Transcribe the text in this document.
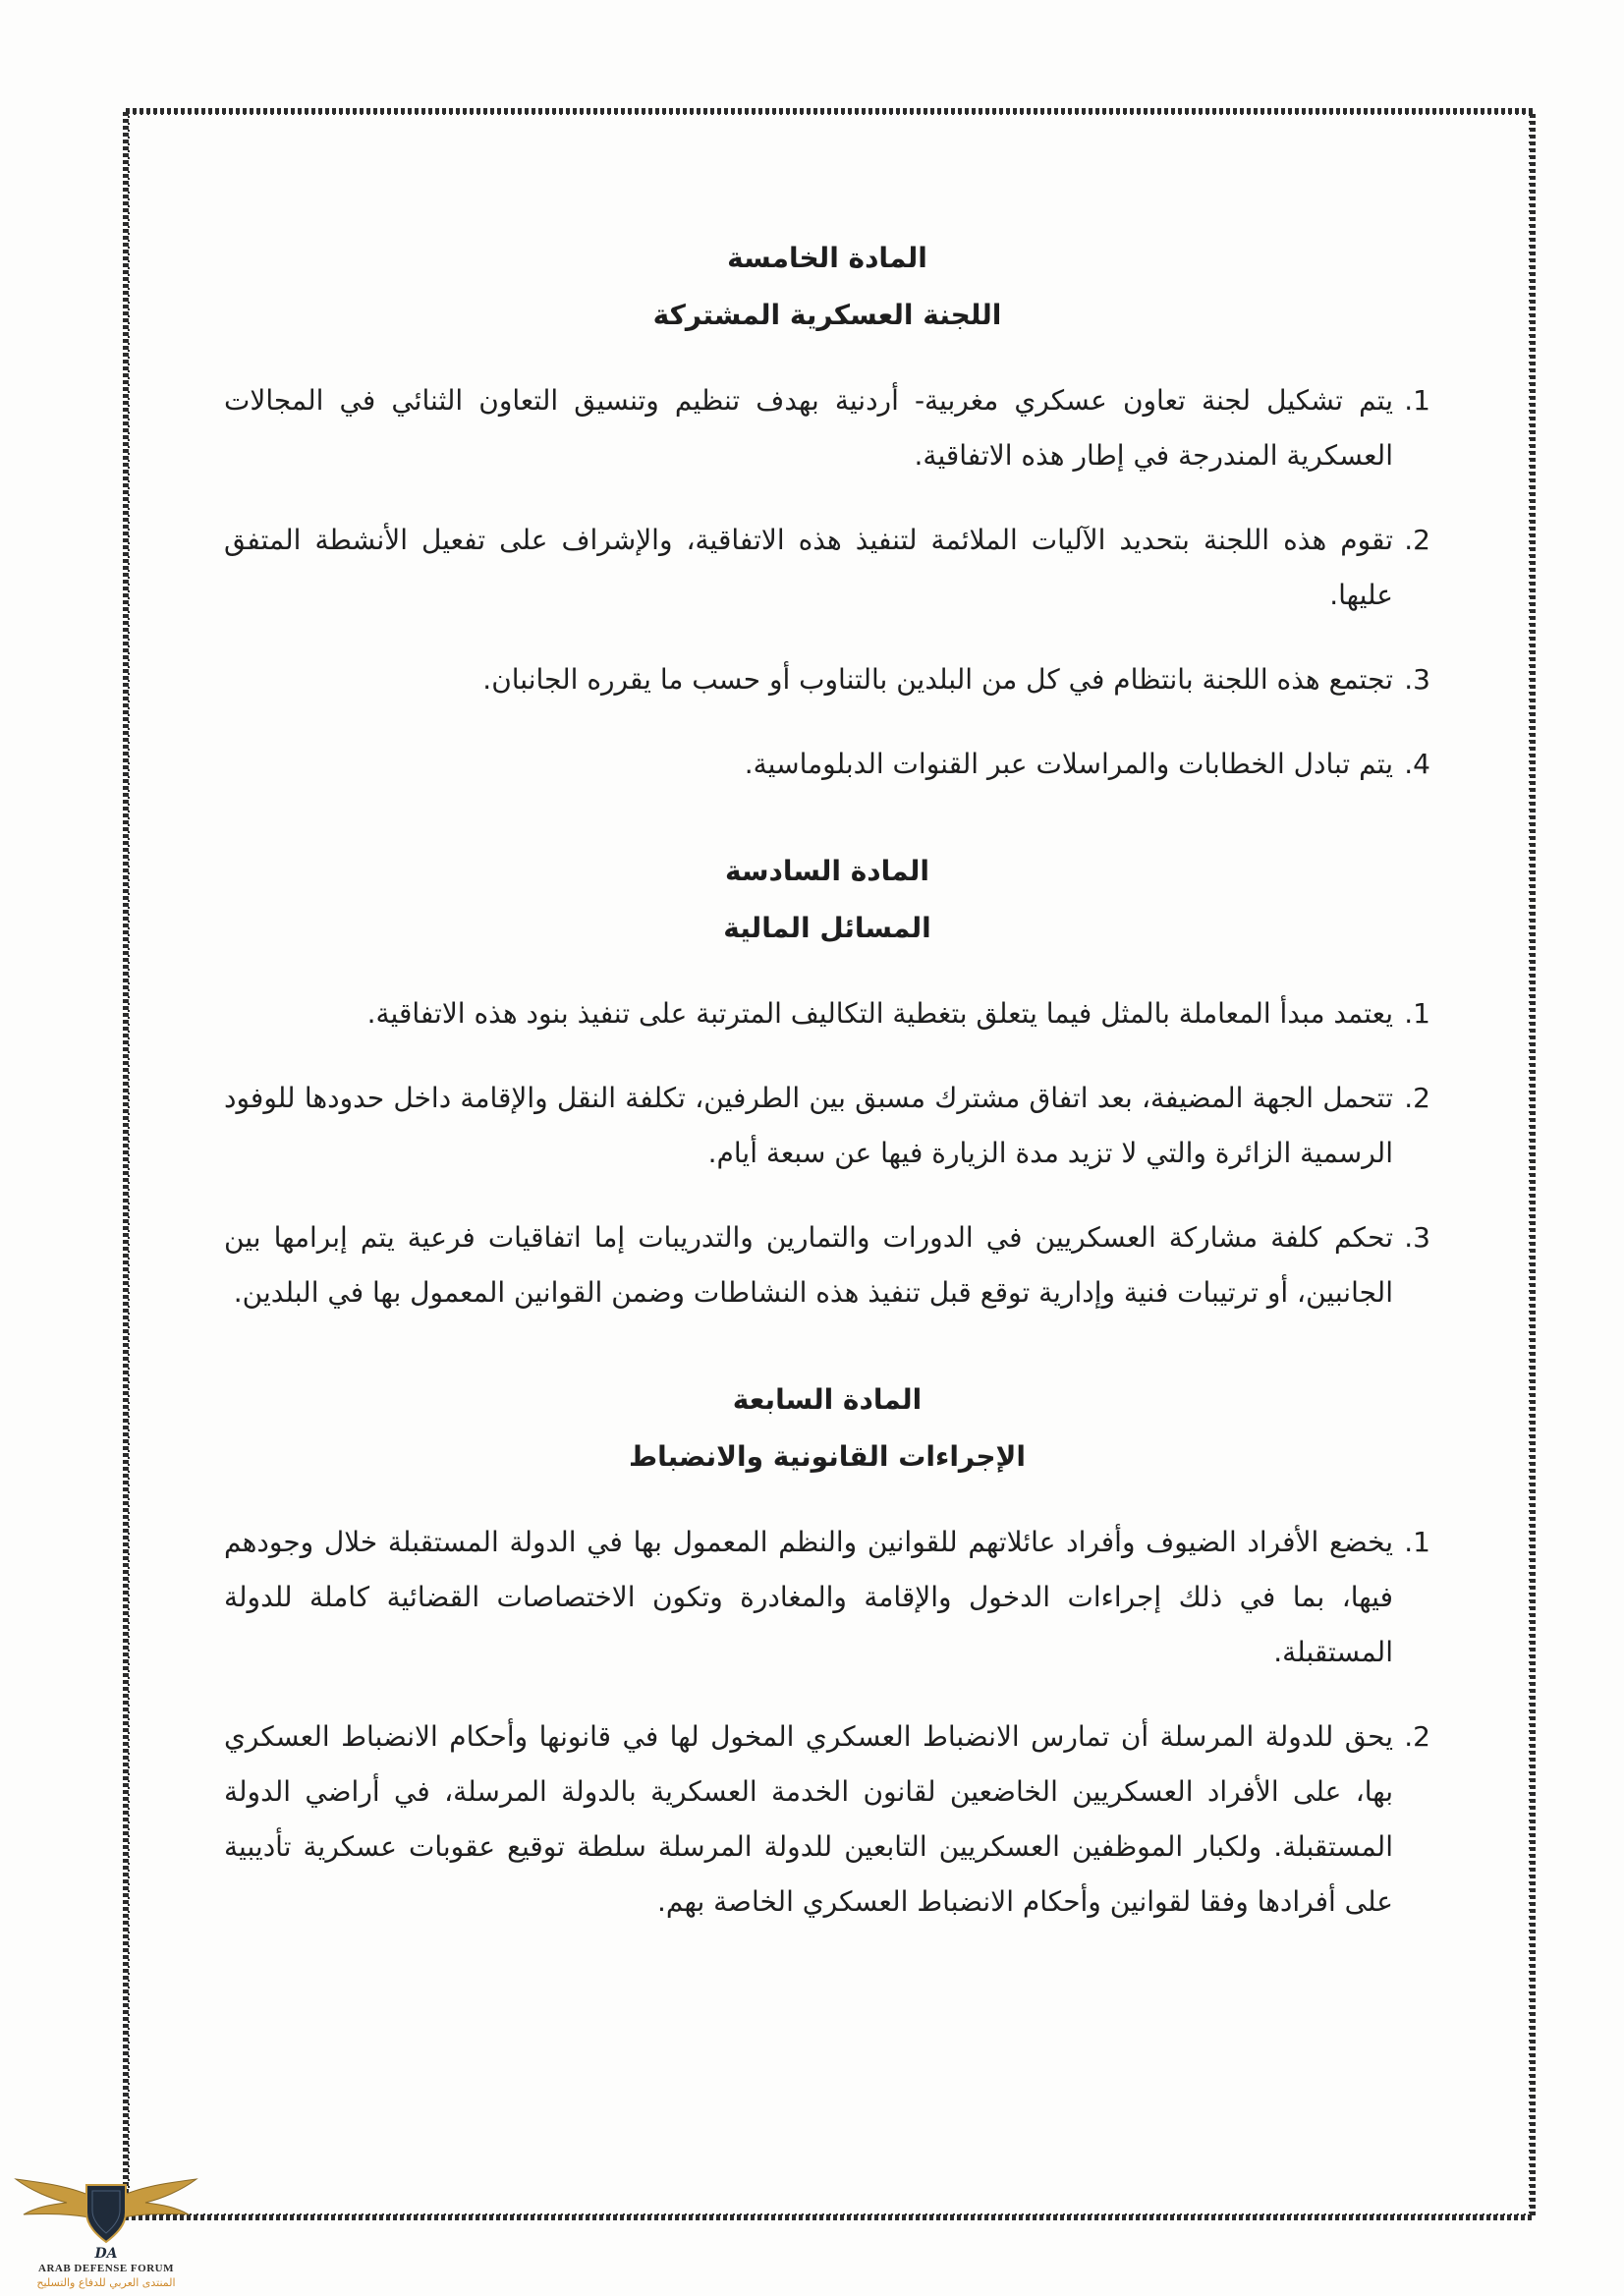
المادة الخامسة
اللجنة العسكرية المشتركة
1.
يتم تشكيل لجنة تعاون عسكري مغربية- أردنية بهدف تنظيم وتنسيق التعاون الثنائي في المجالات العسكرية المندرجة في إطار هذه الاتفاقية.
2.
تقوم هذه اللجنة بتحديد الآليات الملائمة لتنفيذ هذه الاتفاقية، والإشراف على تفعيل الأنشطة المتفق عليها.
3.
تجتمع هذه اللجنة بانتظام في كل من البلدين بالتناوب أو حسب ما يقرره الجانبان.
4.
يتم تبادل الخطابات والمراسلات عبر القنوات الدبلوماسية.
المادة السادسة
المسائل المالية
1.
يعتمد مبدأ المعاملة بالمثل فيما يتعلق بتغطية التكاليف المترتبة على تنفيذ بنود هذه الاتفاقية.
2.
تتحمل الجهة المضيفة، بعد اتفاق مشترك مسبق بين الطرفين، تكلفة النقل والإقامة داخل حدودها للوفود الرسمية الزائرة والتي لا تزيد مدة الزيارة فيها عن سبعة أيام.
3.
تحكم كلفة مشاركة العسكريين في الدورات والتمارين والتدريبات إما اتفاقيات فرعية يتم إبرامها بين الجانبين، أو ترتيبات فنية وإدارية توقع قبل تنفيذ هذه النشاطات وضمن القوانين المعمول بها في البلدين.
المادة السابعة
الإجراءات القانونية والانضباط
1.
يخضع الأفراد الضيوف وأفراد عائلاتهم للقوانين والنظم المعمول بها في الدولة المستقبلة خلال وجودهم فيها، بما في ذلك إجراءات الدخول والإقامة والمغادرة وتكون الاختصاصات القضائية كاملة للدولة المستقبلة.
2.
يحق للدولة المرسلة أن تمارس الانضباط العسكري المخول لها في قانونها وأحكام الانضباط العسكري بها، على الأفراد العسكريين الخاضعين لقانون الخدمة العسكرية بالدولة المرسلة، في أراضي الدولة المستقبلة. ولكبار الموظفين العسكريين التابعين للدولة المرسلة سلطة توقيع عقوبات عسكرية تأديبية على أفرادها وفقا لقوانين وأحكام الانضباط العسكري الخاصة بهم.
DA
ARAB DEFENSE FORUM
المنتدى العربي للدفاع والتسليح
